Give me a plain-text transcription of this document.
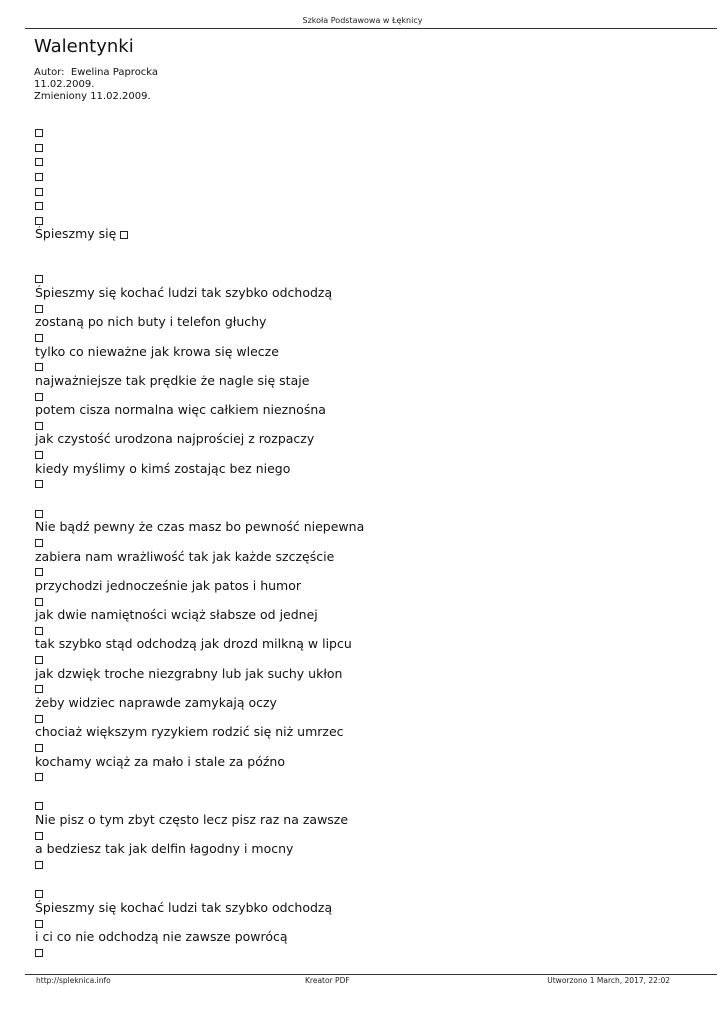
Szkoła Podstawowa w Łęknicy
Walentynki
Autor: Ewelina Paprocka
11.02.2009.
Zmieniony 11.02.2009.
Śpieszmy się
Śpieszmy się kochać ludzi tak szybko odchodzą
zostaną po nich buty i telefon głuchy
tylko co nieważne jak krowa się wlecze
najważniejsze tak prędkie że nagle się staje
potem cisza normalna więc całkiem nieznośna
jak czystość urodzona najprościej z rozpaczy
kiedy myślimy o kimś zostając bez niego
Nie bądź pewny że czas masz bo pewność niepewna
zabiera nam wrażliwość tak jak każde szczęście
przychodzi jednocześnie jak patos i humor
jak dwie namiętności wciąż słabsze od jednej
tak szybko stąd odchodzą jak drozd milkną w lipcu
jak dzwięk troche niezgrabny lub jak suchy ukłon
żeby widziec naprawde zamykają oczy
chociaż większym ryzykiem rodzić się niż umrzec
kochamy wciąż za mało i stale za późno
Nie pisz o tym zbyt często lecz pisz raz na zawsze
a bedziesz tak jak delfin łagodny i mocny
Śpieszmy się kochać ludzi tak szybko odchodzą
i ci co nie odchodzą nie zawsze powrócą
http://spleknica.info	Kreator PDF	Utworzono 1 March, 2017, 22:02
